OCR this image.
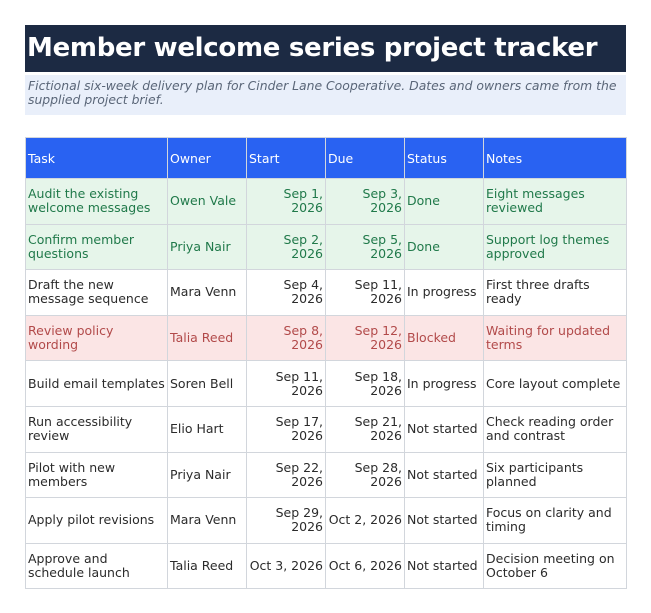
Member welcome series project tracker
Fictional six-week delivery plan for Cinder Lane Cooperative. Dates and owners came from the supplied project brief.
Task	Owner	Start	Due	Status	Notes
Audit the existing welcome messages	Owen Vale	Sep 1, 2026	Sep 3, 2026	Done	Eight messages reviewed
Confirm member questions	Priya Nair	Sep 2, 2026	Sep 5, 2026	Done	Support log themes approved
Draft the new message sequence	Mara Venn	Sep 4, 2026	Sep 11, 2026	In progress	First three drafts ready
Review policy wording	Talia Reed	Sep 8, 2026	Sep 12, 2026	Blocked	Waiting for updated terms
Build email templates	Soren Bell	Sep 11, 2026	Sep 18, 2026	In progress	Core layout complete
Run accessibility review	Elio Hart	Sep 17, 2026	Sep 21, 2026	Not started	Check reading order and contrast
Pilot with new members	Priya Nair	Sep 22, 2026	Sep 28, 2026	Not started	Six participants planned
Apply pilot revisions	Mara Venn	Sep 29, 2026	Oct 2, 2026	Not started	Focus on clarity and timing
Approve and schedule launch	Talia Reed	Oct 3, 2026	Oct 6, 2026	Not started	Decision meeting on October 6
